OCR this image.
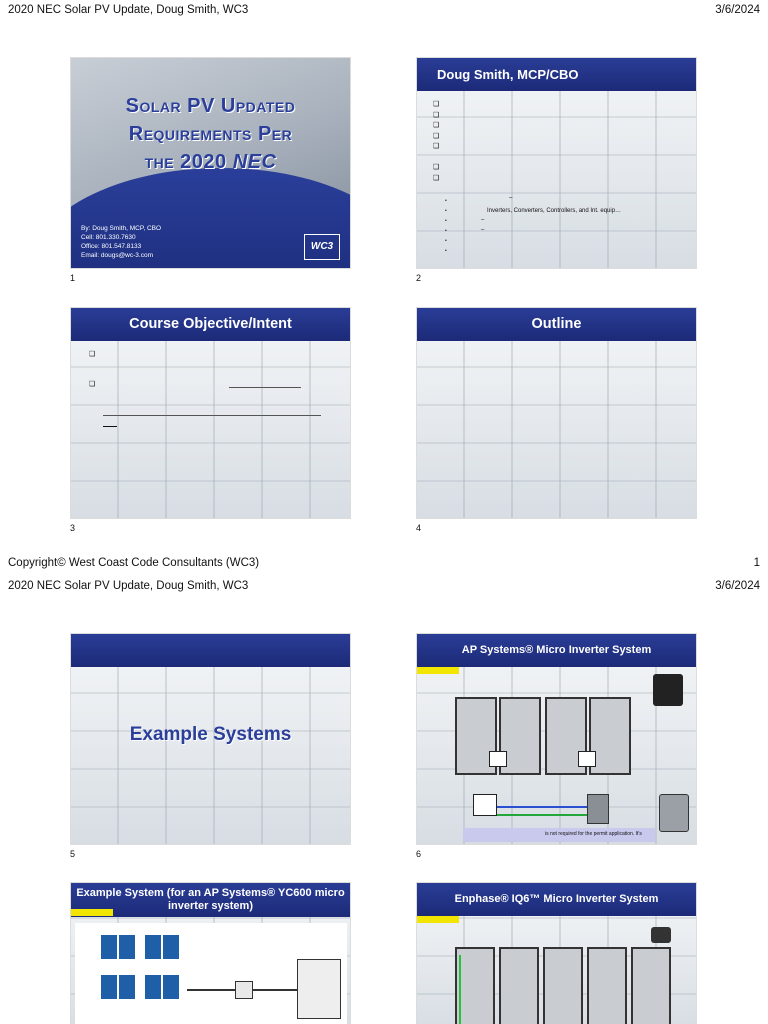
2020 NEC Solar PV Update, Doug Smith, WC3	3/6/2024
Solar PV Updated
Requirements Per
the 2020 NEC
By: Doug Smith, MCP, CBO
Cell: 801.330.7630
Office: 801.547.8133
Email: dougs@wc-3.com
WC3
1
Doug Smith, MCP/CBO
❑
❑
❑
❑
❑

❑
❑
•
•
•
•
•
•
–
Inverters, Converters, Controllers, and Int. equip…
–
–
2
Course Objective/Intent
❑
❑
3
Outline
4
Copyright© West Coast Code Consultants (WC3)	1
2020 NEC Solar PV Update, Doug Smith, WC3	3/6/2024
Example Systems
5
AP Systems® Micro Inverter System
is not required for the permit application. It's
6
Example System (for an AP Systems® YC600 micro inverter system)
Enphase® IQ6™ Micro Inverter System
